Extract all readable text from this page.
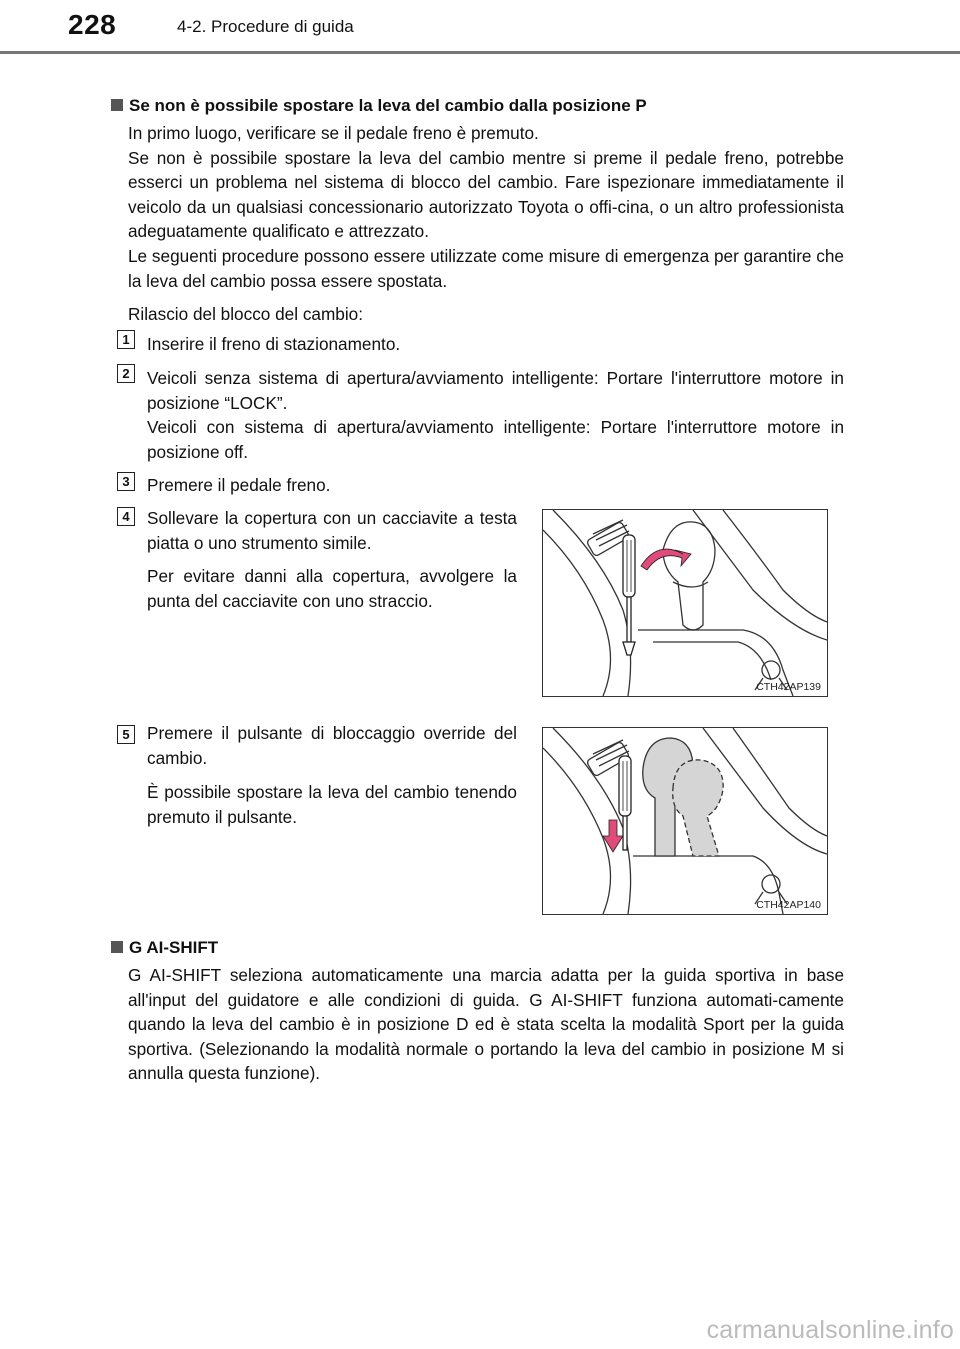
228	4-2. Procedure di guida
Se non è possibile spostare la leva del cambio dalla posizione P

In primo luogo, verificare se il pedale freno è premuto.

Se non è possibile spostare la leva del cambio mentre si preme il pedale freno, potrebbe esserci un problema nel sistema di blocco del cambio. Fare ispezionare immediatamente il veicolo da un qualsiasi concessionario autorizzato Toyota o offi-cina, o un altro professionista adeguatamente qualificato e attrezzato.

Le seguenti procedure possono essere utilizzate come misure di emergenza per garantire che la leva del cambio possa essere spostata.

Rilascio del blocco del cambio:

1	Inserire il freno di stazionamento.
2	Veicoli senza sistema di apertura/avviamento intelligente: Portare l'interruttore motore in posizione “LOCK”.

Veicoli con sistema di apertura/avviamento intelligente: Portare l'interruttore motore in posizione off.

3	Premere il pedale freno.
4	Sollevare la copertura con un cacciavite a testa piatta o uno strumento simile.

Per evitare danni alla copertura, avvolgere la punta del cacciavite con uno straccio.

CTH42AP139
5	Premere il pulsante di bloccaggio override del cambio.

È possibile spostare la leva del cambio tenendo premuto il pulsante.

CTH42AP140
G AI-SHIFT

G AI-SHIFT seleziona automaticamente una marcia adatta per la guida sportiva in base all'input del guidatore e alle condizioni di guida. G AI-SHIFT funziona automati-camente quando la leva del cambio è in posizione D ed è stata scelta la modalità Sport per la guida sportiva. (Selezionando la modalità normale o portando la leva del cambio in posizione M si annulla questa funzione).

carmanualsonline.info
